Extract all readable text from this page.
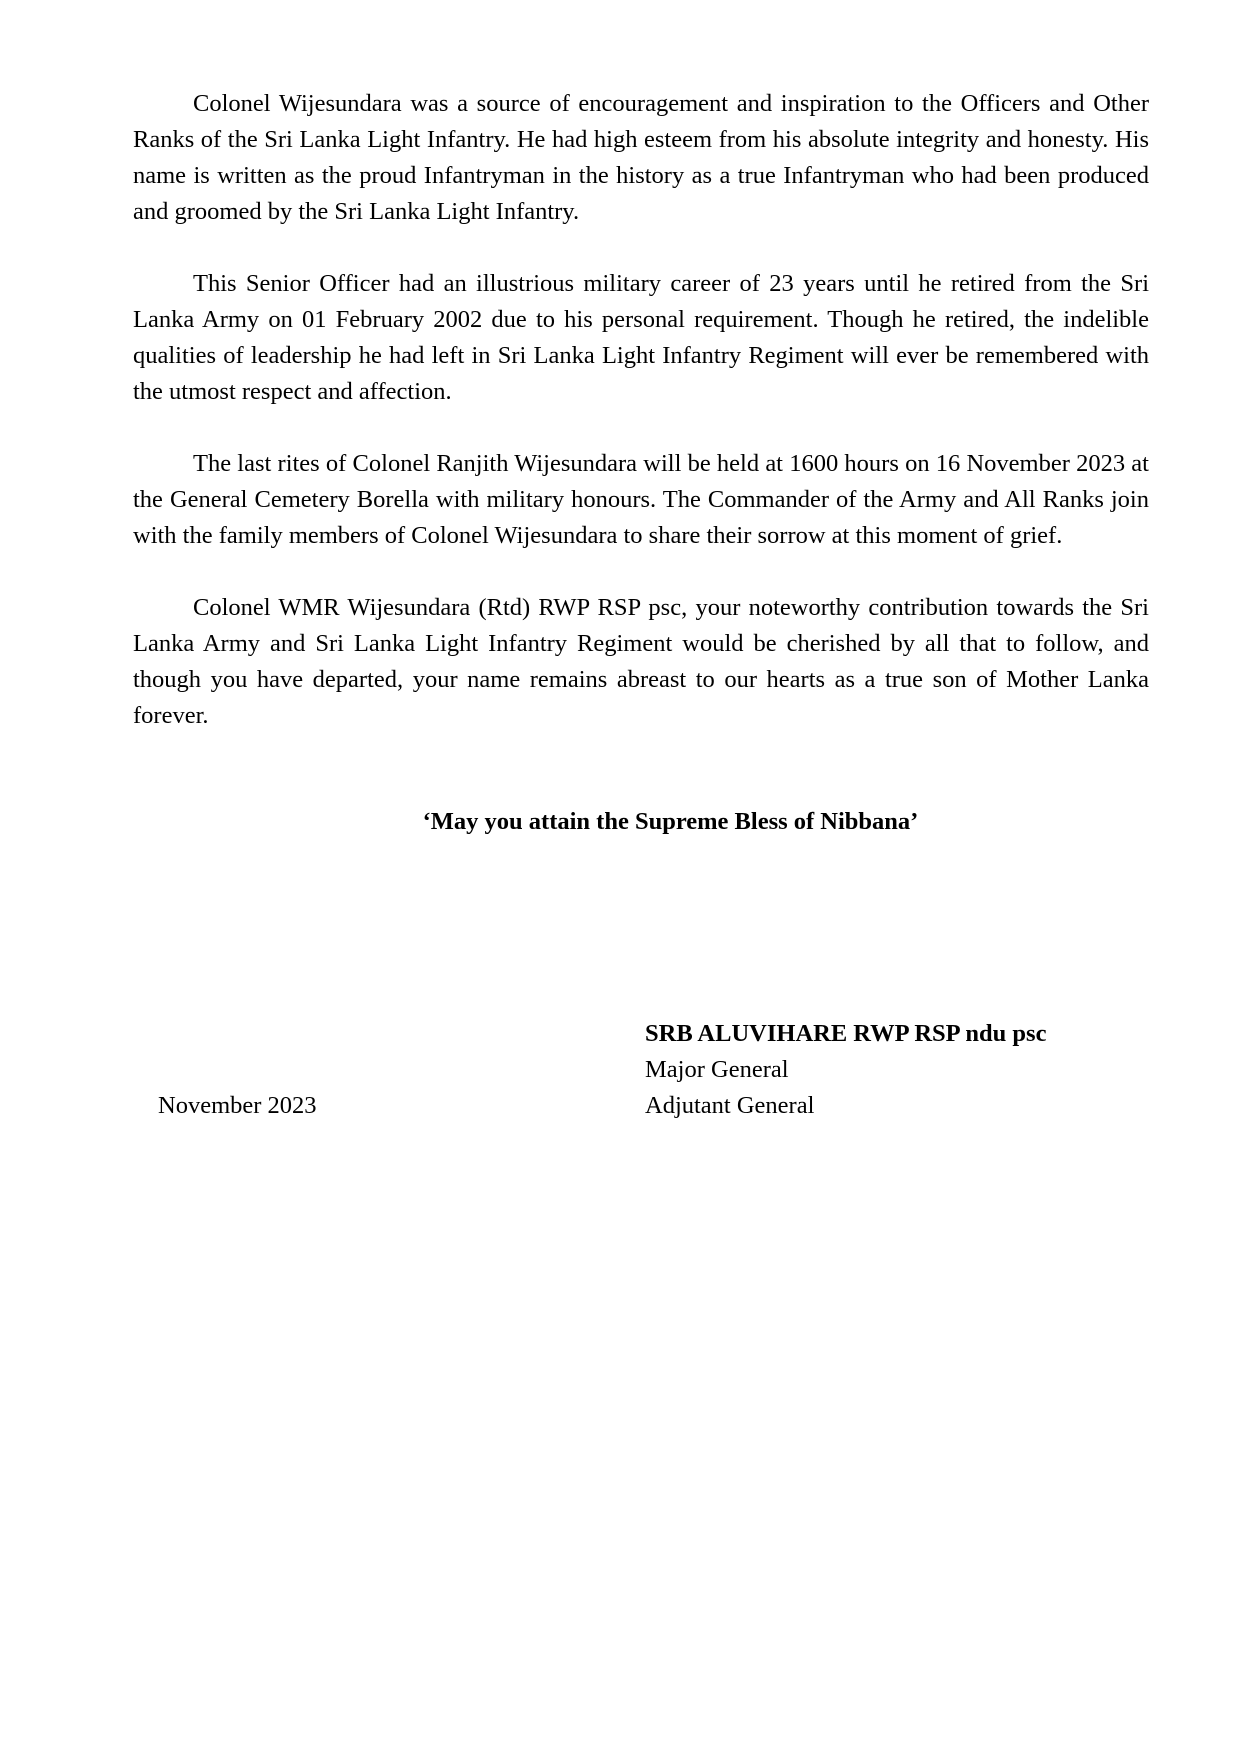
Colonel Wijesundara was a source of encouragement and inspiration to the Officers and Other Ranks of the Sri Lanka Light Infantry. He had high esteem from his absolute integrity and honesty. His name is written as the proud Infantryman in the history as a true Infantryman who had been produced and groomed by the Sri Lanka Light Infantry.

This Senior Officer had an illustrious military career of 23 years until he retired from the Sri Lanka Army on 01 February 2002 due to his personal requirement. Though he retired, the indelible qualities of leadership he had left in Sri Lanka Light Infantry Regiment will ever be remembered with the utmost respect and affection.

The last rites of Colonel Ranjith Wijesundara will be held at 1600 hours on 16 November 2023 at the General Cemetery Borella with military honours. The Commander of the Army and All Ranks join with the family members of Colonel Wijesundara to share their sorrow at this moment of grief.

Colonel WMR Wijesundara (Rtd) RWP RSP psc, your noteworthy contribution towards the Sri Lanka Army and Sri Lanka Light Infantry Regiment would be cherished by all that to follow, and though you have departed, your name remains abreast to our hearts as a true son of Mother Lanka forever.

‘May you attain the Supreme Bless of Nibbana’
SRB ALUVIHARE RWP RSP ndu psc
Major General
Adjutant General
November 2023
